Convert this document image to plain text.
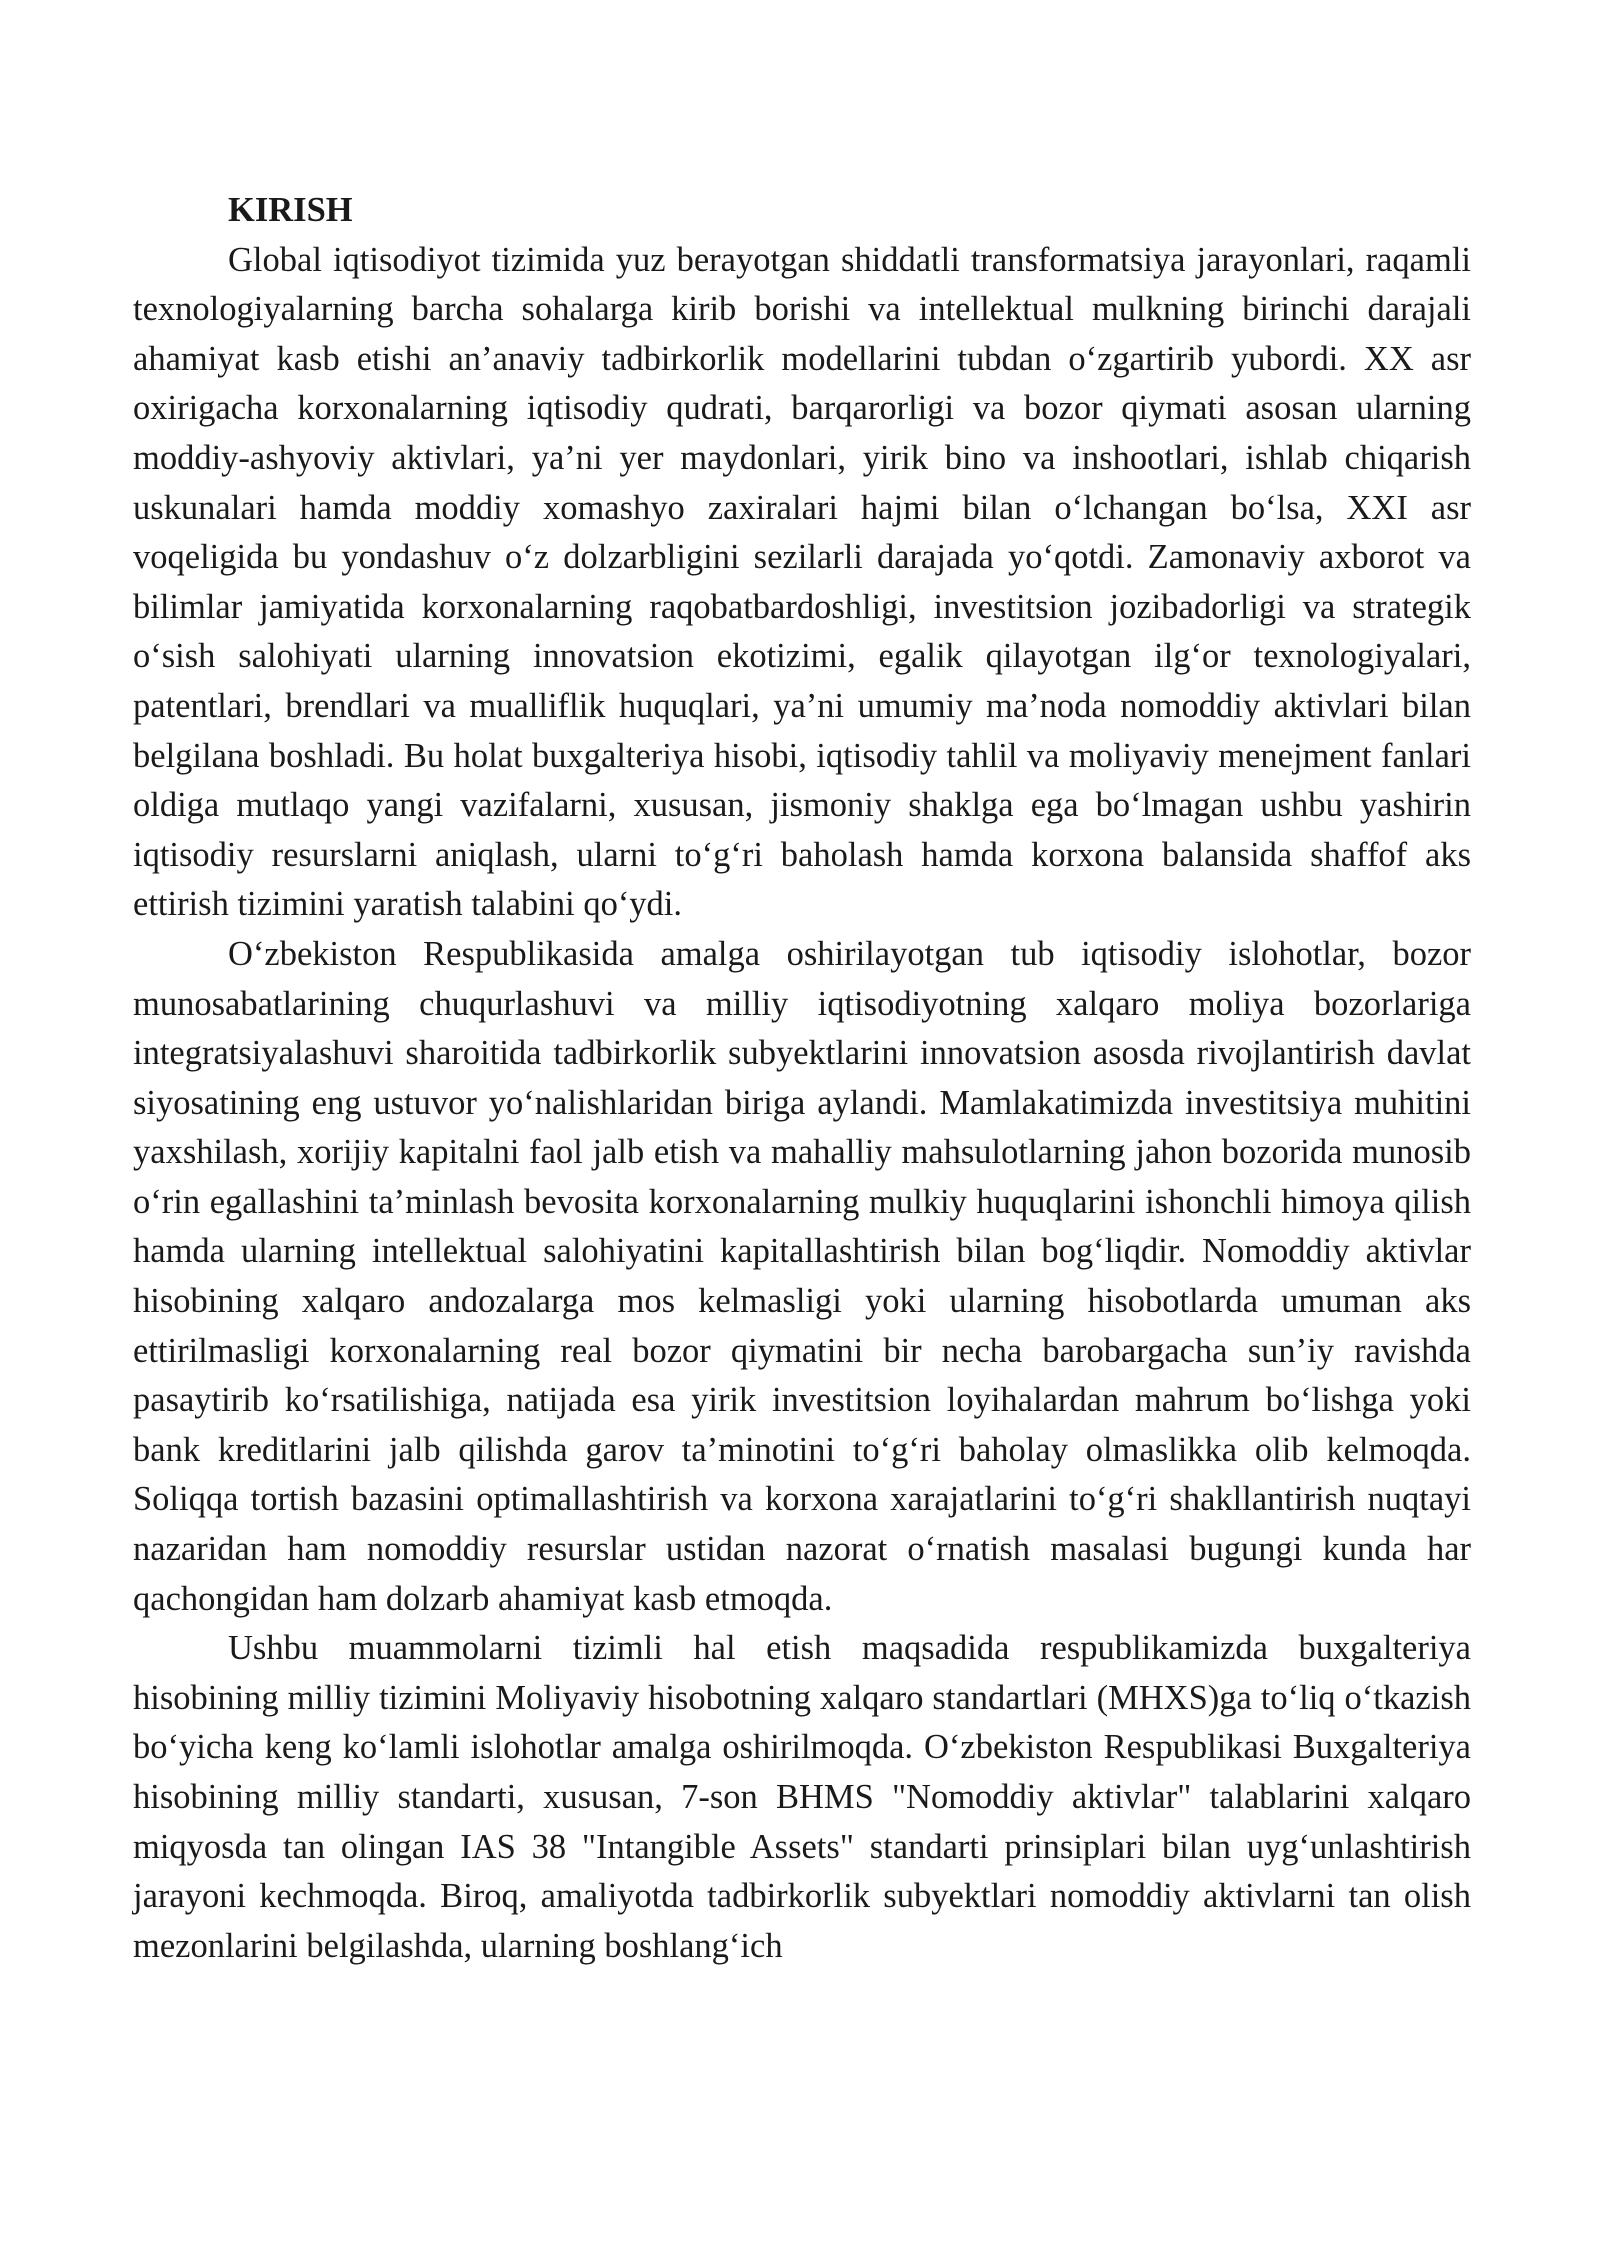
KIRISH

Global iqtisodiyot tizimida yuz berayotgan shiddatli transformatsiya jarayonlari, raqamli texnologiyalarning barcha sohalarga kirib borishi va intellektual mulkning birinchi darajali ahamiyat kasb etishi an’anaviy tadbirkorlik modellarini tubdan o‘zgartirib yubordi. XX asr oxirigacha korxonalarning iqtisodiy qudrati, barqarorligi va bozor qiymati asosan ularning moddiy-ashyoviy aktivlari, ya’ni yer maydonlari, yirik bino va inshootlari, ishlab chiqarish uskunalari hamda moddiy xomashyo zaxiralari hajmi bilan o‘lchangan bo‘lsa, XXI asr voqeligida bu yondashuv o‘z dolzarbligini sezilarli darajada yo‘qotdi. Zamonaviy axborot va bilimlar jamiyatida korxonalarning raqobatbardoshligi, investitsion jozibadorligi va strategik o‘sish salohiyati ularning innovatsion ekotizimi, egalik qilayotgan ilg‘or texnologiyalari, patentlari, brendlari va mualliflik huquqlari, ya’ni umumiy ma’noda nomoddiy aktivlari bilan belgilana boshladi. Bu holat buxgalteriya hisobi, iqtisodiy tahlil va moliyaviy menejment fanlari oldiga mutlaqo yangi vazifalarni, xususan, jismoniy shaklga ega bo‘lmagan ushbu yashirin iqtisodiy resurslarni aniqlash, ularni to‘g‘ri baholash hamda korxona balansida shaffof aks ettirish tizimini yaratish talabini qo‘ydi.

O‘zbekiston Respublikasida amalga oshirilayotgan tub iqtisodiy islohotlar, bozor munosabatlarining chuqurlashuvi va milliy iqtisodiyotning xalqaro moliya bozorlariga integratsiyalashuvi sharoitida tadbirkorlik subyektlarini innovatsion asosda rivojlantirish davlat siyosatining eng ustuvor yo‘nalishlaridan biriga aylandi. Mamlakatimizda investitsiya muhitini yaxshilash, xorijiy kapitalni faol jalb etish va mahalliy mahsulotlarning jahon bozorida munosib o‘rin egallashini ta’minlash bevosita korxonalarning mulkiy huquqlarini ishonchli himoya qilish hamda ularning intellektual salohiyatini kapitallashtirish bilan bog‘liqdir. Nomoddiy aktivlar hisobining xalqaro andozalarga mos kelmasligi yoki ularning hisobotlarda umuman aks ettirilmasligi korxonalarning real bozor qiymatini bir necha barobargacha sun’iy ravishda pasaytirib ko‘rsatilishiga, natijada esa yirik investitsion loyihalardan mahrum bo‘lishga yoki bank kreditlarini jalb qilishda garov ta’minotini to‘g‘ri baholay olmaslikka olib kelmoqda. Soliqqa tortish bazasini optimallashtirish va korxona xarajatlarini to‘g‘ri shakllantirish nuqtayi nazaridan ham nomoddiy resurslar ustidan nazorat o‘rnatish masalasi bugungi kunda har qachongidan ham dolzarb ahamiyat kasb etmoqda.

Ushbu muammolarni tizimli hal etish maqsadida respublikamizda buxgalteriya hisobining milliy tizimini Moliyaviy hisobotning xalqaro standartlari (MHXS)ga to‘liq o‘tkazish bo‘yicha keng ko‘lamli islohotlar amalga oshirilmoqda. O‘zbekiston Respublikasi Buxgalteriya hisobining milliy standarti, xususan, 7-son BHMS "Nomoddiy aktivlar" talablarini xalqaro miqyosda tan olingan IAS 38 "Intangible Assets" standarti prinsiplari bilan uyg‘unlashtirish jarayoni kechmoqda. Biroq, amaliyotda tadbirkorlik subyektlari nomoddiy aktivlarni tan olish mezonlarini belgilashda, ularning boshlang‘ich
